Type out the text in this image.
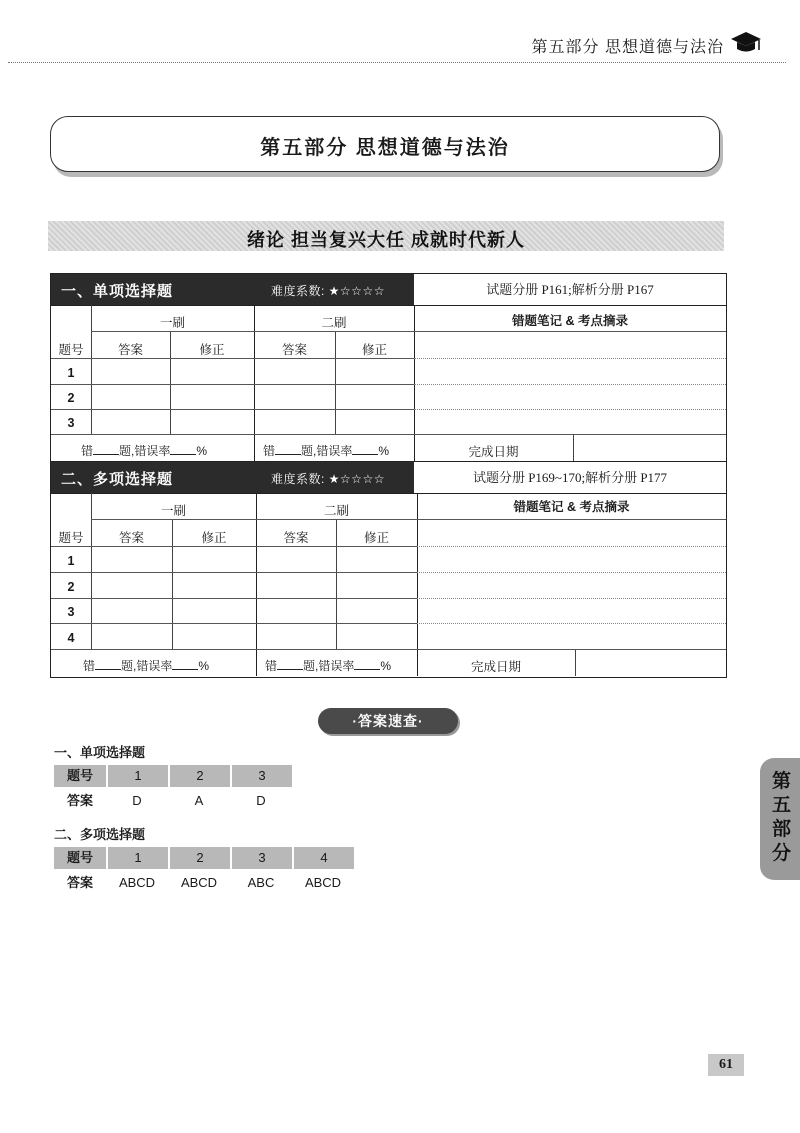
第五部分 思想道德与法治
第五部分 思想道德与法治
绪论 担当复兴大任 成就时代新人
一、单项选择题	难度系数: ★☆☆☆☆	试题分册 P161;解析分册 P167
一刷	二刷	错题笔记 & 考点摘录
题号	答案	修正	答案	修正
1
2
3
错 题,错误率 %	错 题,错误率 %	完成日期
二、多项选择题	难度系数: ★☆☆☆☆	试题分册 P169~170;解析分册 P177
一刷	二刷	错题笔记 & 考点摘录
题号	答案	修正	答案	修正
1
2
3
4
错 题,错误率 %	错 题,错误率 %	完成日期
·答案速查·
一、单项选择题
题号	1	2	3
答案	D	A	D
二、多项选择题
题号	1	2	3	4
答案	ABCD	ABCD	ABC	ABCD
第五部分
61
